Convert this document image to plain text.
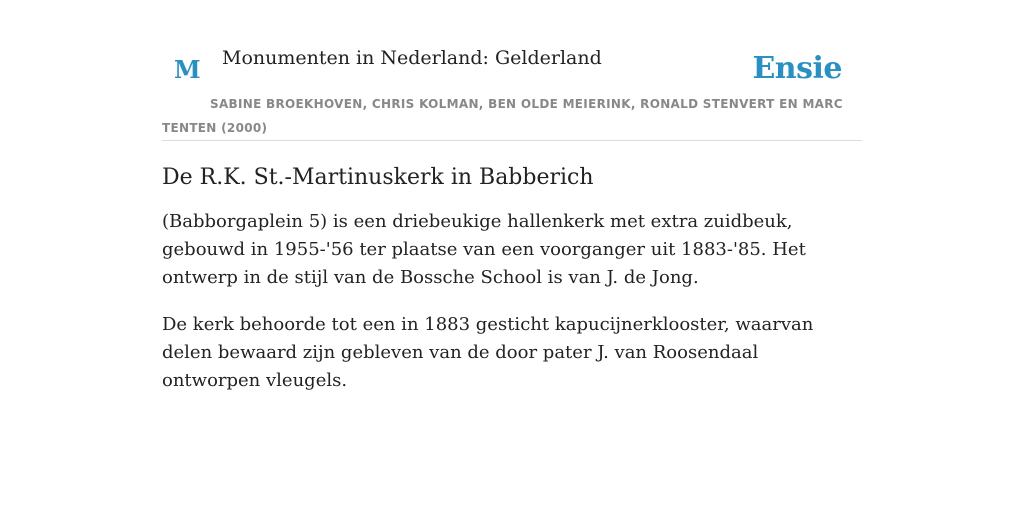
M Monumenten in Nederland: Gelderland	Ensie
SABINE BROEKHOVEN, CHRIS KOLMAN, BEN OLDE MEIERINK, RONALD STENVERT EN MARC TENTEN (2000)
De R.K. St.-Martinuskerk in Babberich

(Babborgaplein 5) is een driebeukige hallenkerk met extra zuidbeuk, gebouwd in 1955-'56 ter plaatse van een voorganger uit 1883-'85. Het ontwerp in de stijl van de Bossche School is van J. de Jong.

De kerk behoorde tot een in 1883 gesticht kapucijnerklooster, waarvan delen bewaard zijn gebleven van de door pater J. van Roosendaal ontworpen vleugels.
